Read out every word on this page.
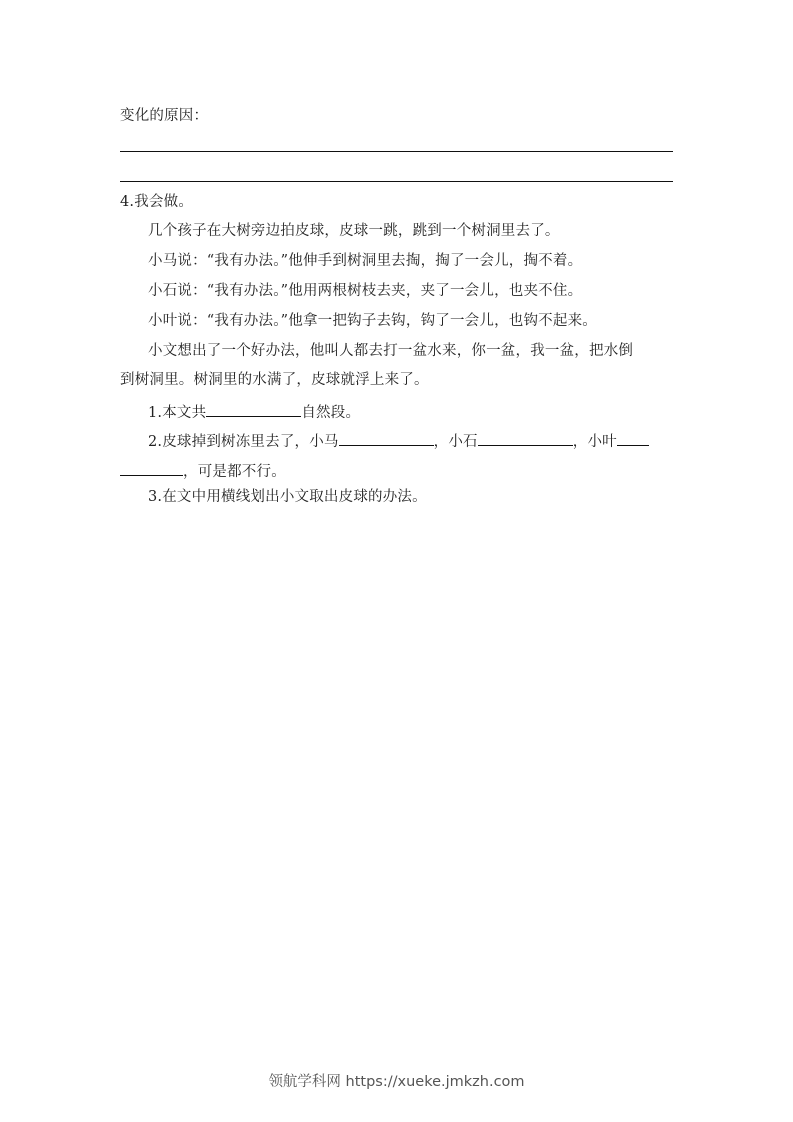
变化的原因：
4.我会做。
几个孩子在大树旁边拍皮球，皮球一跳，跳到一个树洞里去了。
小马说：“我有办法。”他伸手到树洞里去掏，掏了一会儿，掏不着。
小石说：“我有办法。”他用两根树枝去夹，夹了一会儿，也夹不住。
小叶说：“我有办法。”他拿一把钩子去钩，钩了一会儿，也钩不起来。
小文想出了一个好办法，他叫人都去打一盆水来，你一盆，我一盆，把水倒
到树洞里。树洞里的水满了，皮球就浮上来了。
1.本文共	自然段。
2.皮球掉到树冻里去了，小马	，小石	，小叶
，可是都不行。
3.在文中用横线划出小文取出皮球的办法。
领航学科网 https://xueke.jmkzh.com
